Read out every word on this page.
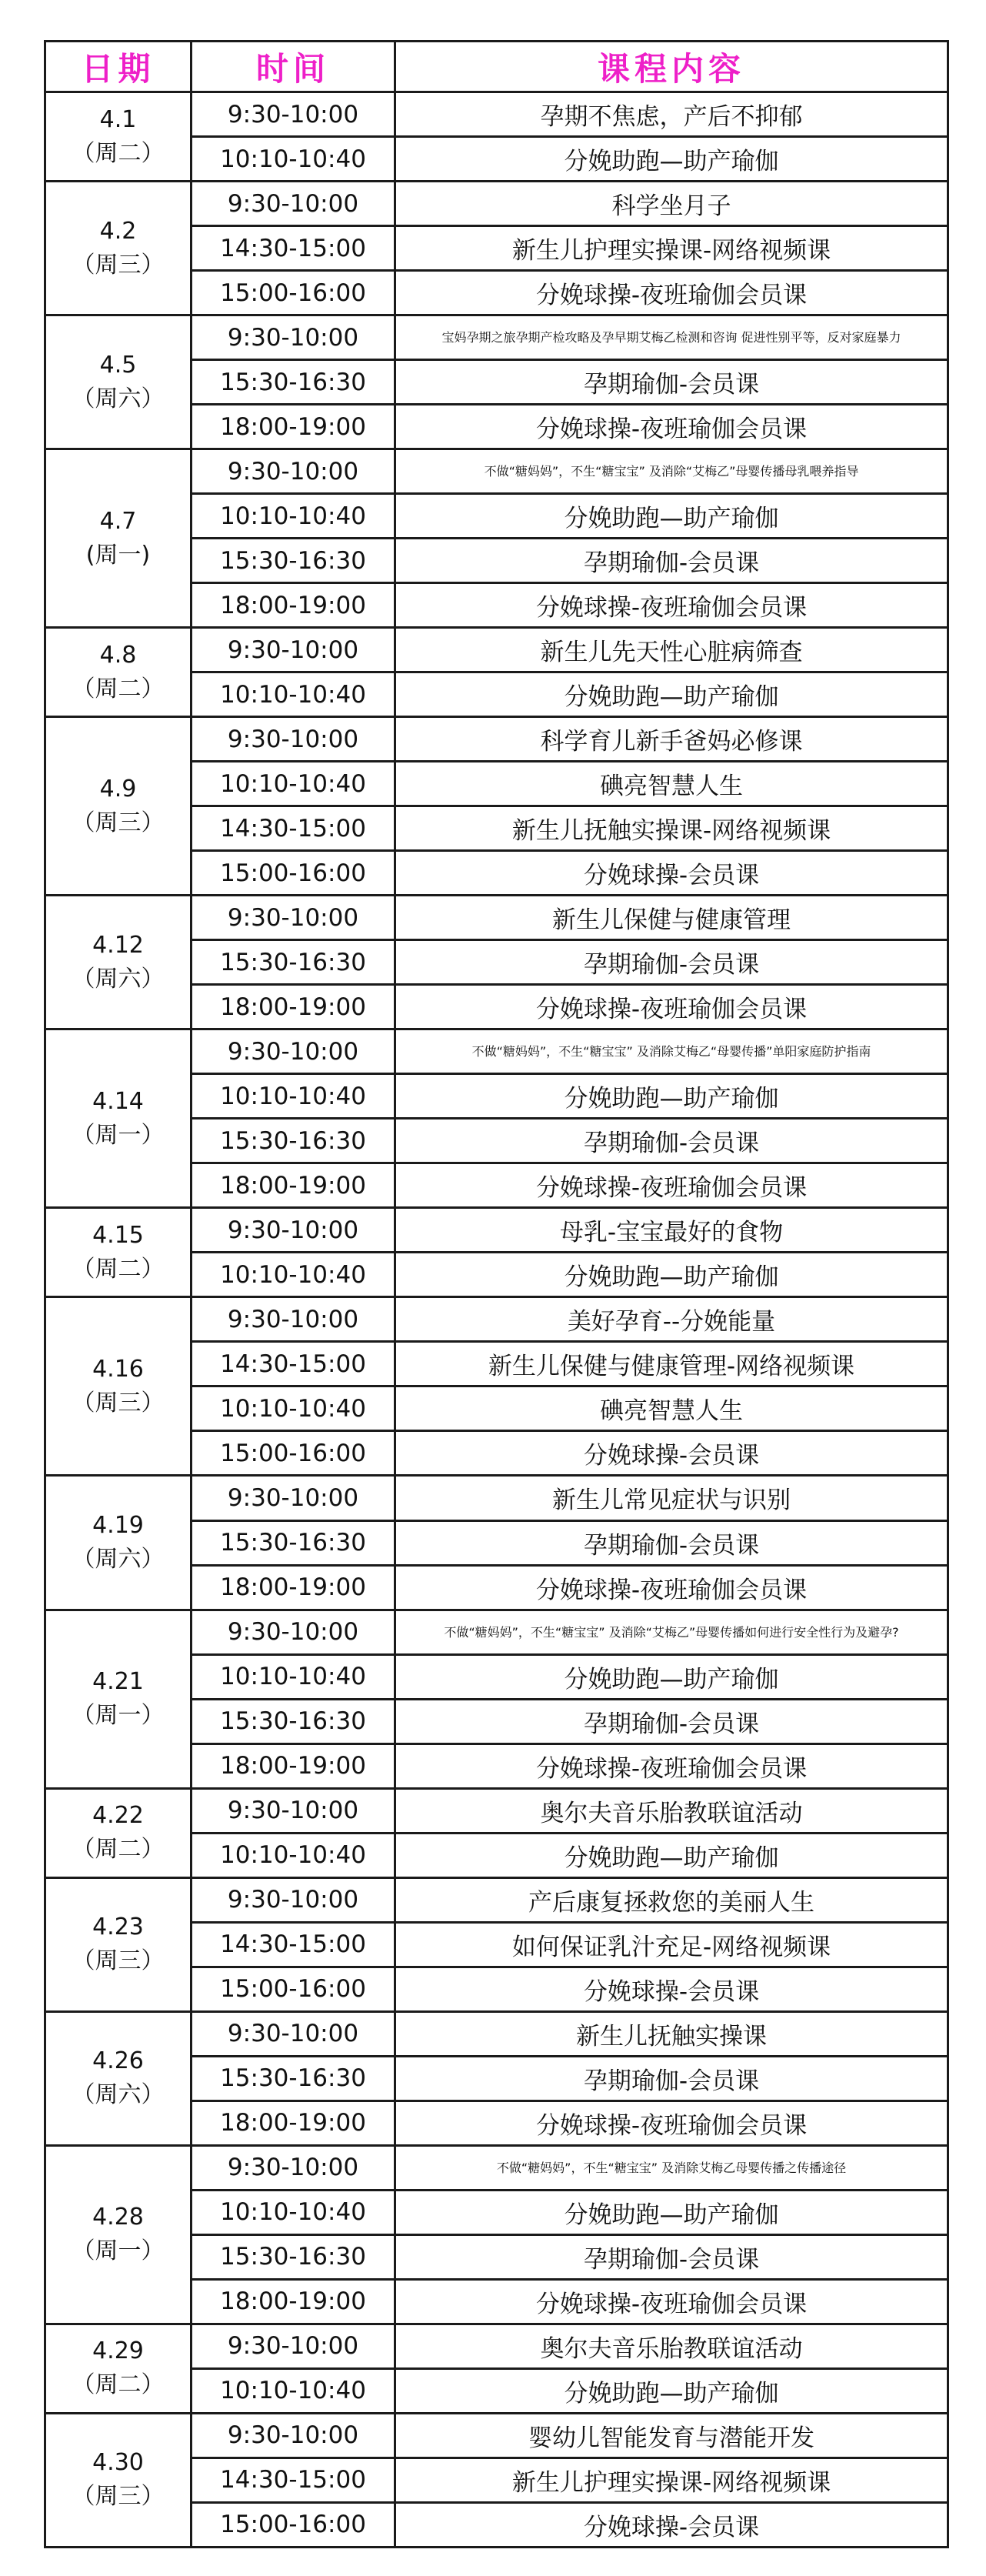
日期	时间	课程内容

4.1
（周二）	9:30-10:00	孕期不焦虑，产后不抑郁
	10:10-10:40	分娩助跑—助产瑜伽

4.2
（周三）	9:30-10:00	科学坐月子
	14:30-15:00	新生儿护理实操课-网络视频课
	15:00-16:00	分娩球操-夜班瑜伽会员课

4.5
（周六）	9:30-10:00	宝妈孕期之旅孕期产检攻略及孕早期艾梅乙检测和咨询 促进性别平等，反对家庭暴力
	15:30-16:30	孕期瑜伽-会员课
	18:00-19:00	分娩球操-夜班瑜伽会员课

4.7
(周一)	9:30-10:00	不做“糖妈妈”，不生“糖宝宝” 及消除“艾梅乙”母婴传播母乳喂养指导
	10:10-10:40	分娩助跑—助产瑜伽
	15:30-16:30	孕期瑜伽-会员课
	18:00-19:00	分娩球操-夜班瑜伽会员课

4.8
（周二）	9:30-10:00	新生儿先天性心脏病筛查
	10:10-10:40	分娩助跑—助产瑜伽

4.9
（周三）	9:30-10:00	科学育儿新手爸妈必修课
	10:10-10:40	碘亮智慧人生
	14:30-15:00	新生儿抚触实操课-网络视频课
	15:00-16:00	分娩球操-会员课

4.12
（周六）	9:30-10:00	新生儿保健与健康管理
	15:30-16:30	孕期瑜伽-会员课
	18:00-19:00	分娩球操-夜班瑜伽会员课

4.14
（周一）	9:30-10:00	不做“糖妈妈”，不生“糖宝宝” 及消除艾梅乙“母婴传播”单阳家庭防护指南
	10:10-10:40	分娩助跑—助产瑜伽
	15:30-16:30	孕期瑜伽-会员课
	18:00-19:00	分娩球操-夜班瑜伽会员课

4.15
（周二）	9:30-10:00	母乳-宝宝最好的食物
	10:10-10:40	分娩助跑—助产瑜伽

4.16
（周三）	9:30-10:00	美好孕育--分娩能量
	14:30-15:00	新生儿保健与健康管理-网络视频课
	10:10-10:40	碘亮智慧人生
	15:00-16:00	分娩球操-会员课

4.19
（周六）	9:30-10:00	新生儿常见症状与识别
	15:30-16:30	孕期瑜伽-会员课
	18:00-19:00	分娩球操-夜班瑜伽会员课

4.21
（周一）	9:30-10:00	不做“糖妈妈”，不生“糖宝宝” 及消除“艾梅乙”母婴传播如何进行安全性行为及避孕?
	10:10-10:40	分娩助跑—助产瑜伽
	15:30-16:30	孕期瑜伽-会员课
	18:00-19:00	分娩球操-夜班瑜伽会员课

4.22
（周二）	9:30-10:00	奥尔夫音乐胎教联谊活动
	10:10-10:40	分娩助跑—助产瑜伽

4.23
（周三）	9:30-10:00	产后康复拯救您的美丽人生
	14:30-15:00	如何保证乳汁充足-网络视频课
	15:00-16:00	分娩球操-会员课

4.26
（周六）	9:30-10:00	新生儿抚触实操课
	15:30-16:30	孕期瑜伽-会员课
	18:00-19:00	分娩球操-夜班瑜伽会员课

4.28
（周一）	9:30-10:00	不做“糖妈妈”，不生“糖宝宝” 及消除艾梅乙母婴传播之传播途径
	10:10-10:40	分娩助跑—助产瑜伽
	15:30-16:30	孕期瑜伽-会员课
	18:00-19:00	分娩球操-夜班瑜伽会员课

4.29
（周二）	9:30-10:00	奥尔夫音乐胎教联谊活动
	10:10-10:40	分娩助跑—助产瑜伽

4.30
（周三）	9:30-10:00	婴幼儿智能发育与潜能开发
	14:30-15:00	新生儿护理实操课-网络视频课
	15:00-16:00	分娩球操-会员课
